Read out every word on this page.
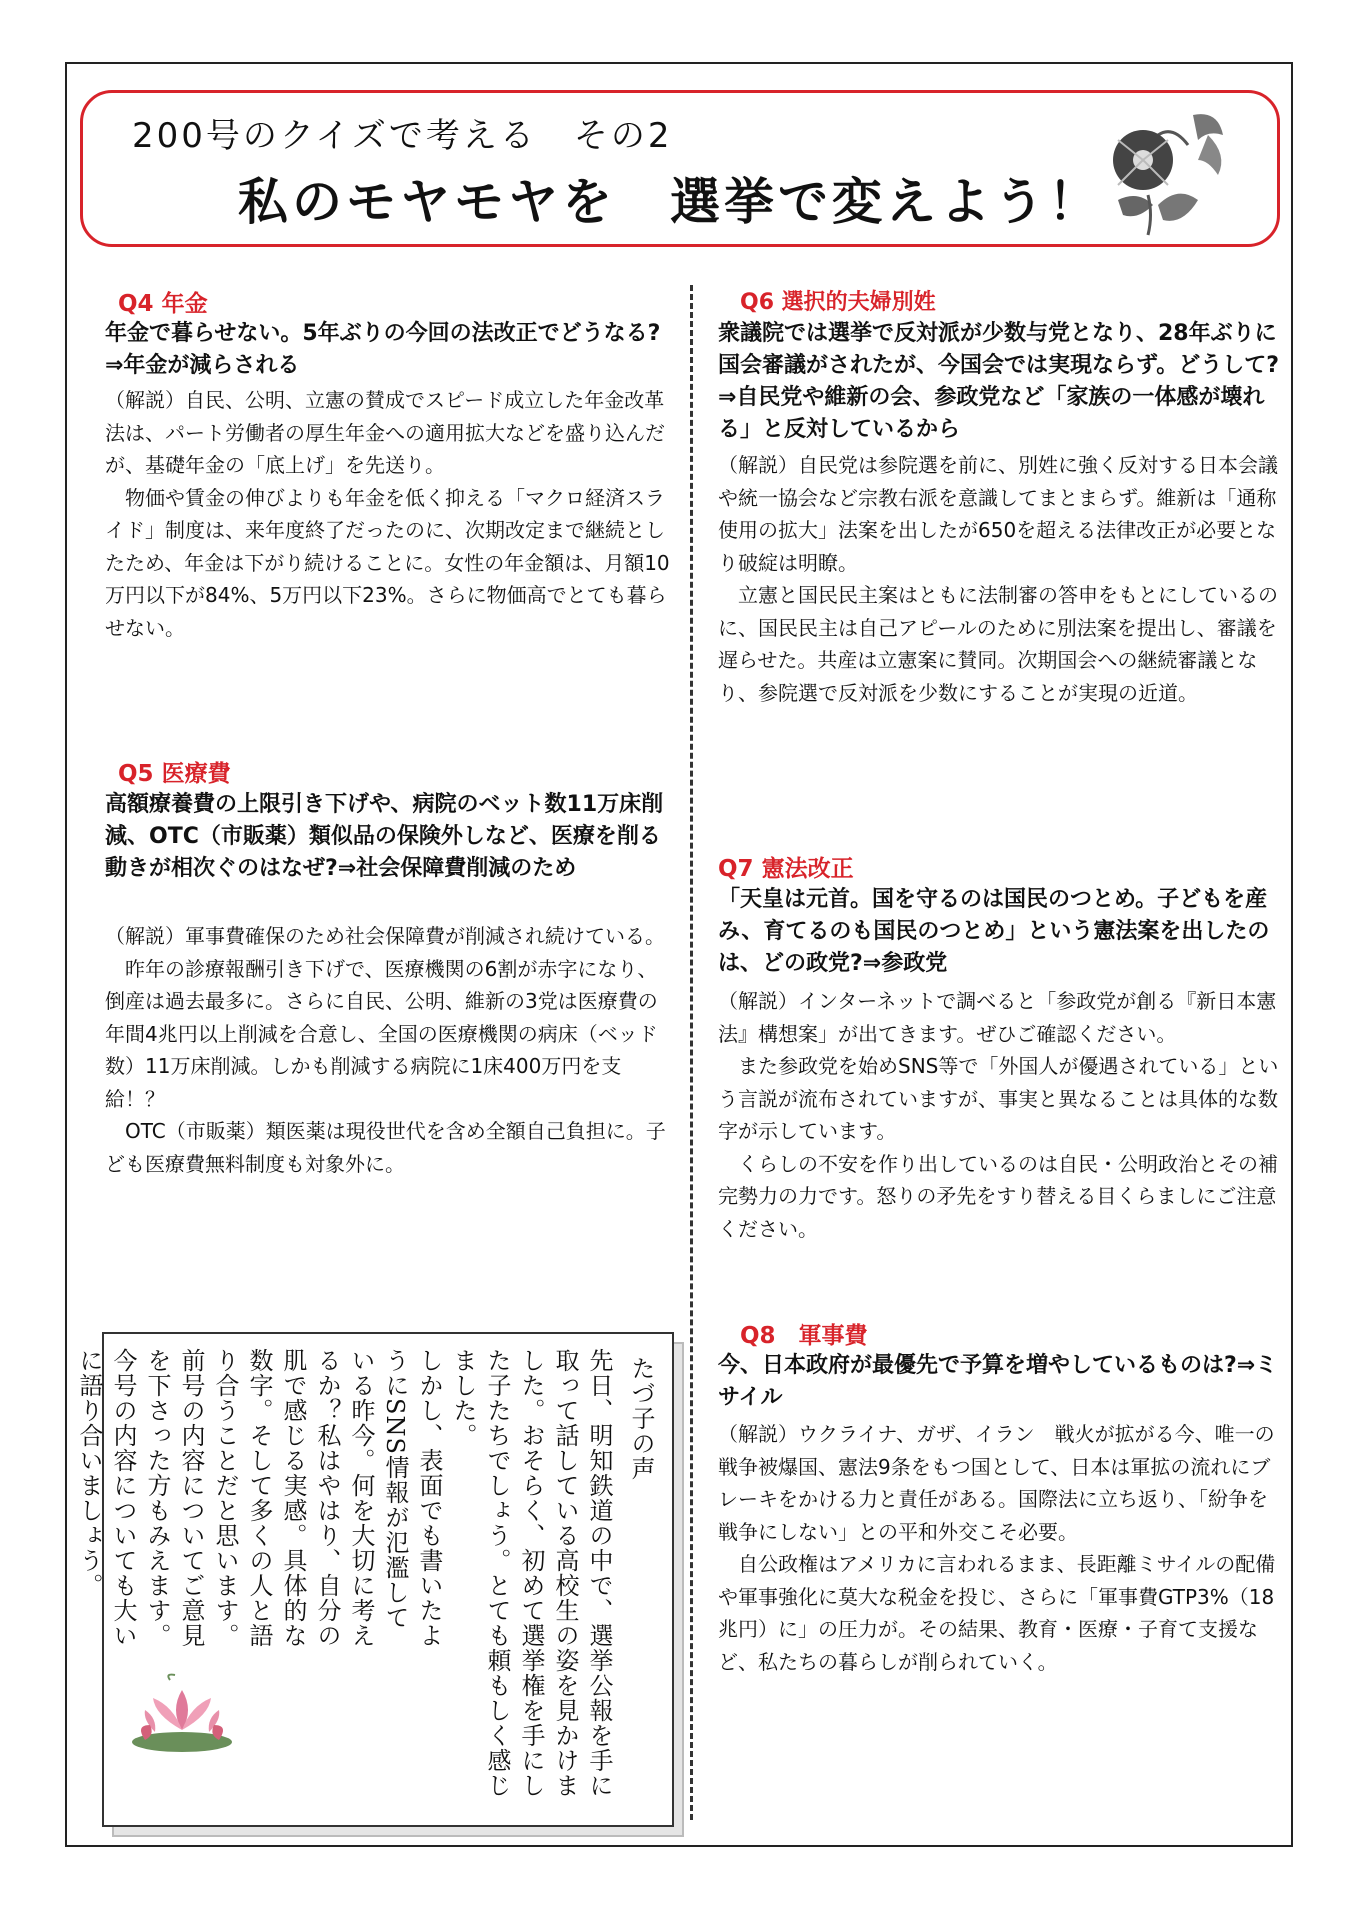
200号のクイズで考える　その2
私のモヤモヤを　選挙で変えよう！
Q4 年金
年金で暮らせない。5年ぶりの今回の法改正でどうなる?⇒年金が減らされる

（解説）自民、公明、立憲の賛成でスピード成立した年金改革法は、パート労働者の厚生年金への適用拡大などを盛り込んだが、基礎年金の「底上げ」を先送り。

物価や賃金の伸びよりも年金を低く抑える「マクロ経済スライド」制度は、来年度終了だったのに、次期改定まで継続としたため、年金は下がり続けることに。女性の年金額は、月額10万円以下が84%、5万円以下23%。さらに物価高でとても暮らせない。

Q5 医療費
高額療養費の上限引き下げや、病院のベット数11万床削減、OTC（市販薬）類似品の保険外しなど、医療を削る動きが相次ぐのはなぜ?⇒社会保障費削減のため

（解説）軍事費確保のため社会保障費が削減され続けている。

昨年の診療報酬引き下げで、医療機関の6割が赤字になり、倒産は過去最多に。さらに自民、公明、維新の3党は医療費の年間4兆円以上削減を合意し、全国の医療機関の病床（ベッド数）11万床削減。しかも削減する病院に1床400万円を支給！？

OTC（市販薬）類医薬は現役世代を含め全額自己負担に。子ども医療費無料制度も対象外に。

たづ子の声
先日、明知鉄道の中で、選挙公報を手に取って話している高校生の姿を見かけました。おそらく、初めて選挙権を手にした子たちでしょう。とても頼もしく感じました。
しかし、表面でも書いたようにSNS情報が氾濫している昨今。何を大切に考えるか？私はやはり、自分の肌で感じる実感。具体的な数字。そして多くの人と語り合うことだと思います。前号の内容についてご意見を下さった方もみえます。今号の内容についても大いに語り合いましょう。
Q6 選択的夫婦別姓
衆議院では選挙で反対派が少数与党となり、28年ぶりに国会審議がされたが、今国会では実現ならず。どうして?⇒自民党や維新の会、参政党など「家族の一体感が壊れる」と反対しているから

（解説）自民党は参院選を前に、別姓に強く反対する日本会議や統一協会など宗教右派を意識してまとまらず。維新は「通称使用の拡大」法案を出したが650を超える法律改正が必要となり破綻は明瞭。

立憲と国民民主案はともに法制審の答申をもとにしているのに、国民民主は自己アピールのために別法案を提出し、審議を遅らせた。共産は立憲案に賛同。次期国会への継続審議となり、参院選で反対派を少数にすることが実現の近道。

Q7 憲法改正
「天皇は元首。国を守るのは国民のつとめ。子どもを産み、育てるのも国民のつとめ」という憲法案を出したのは、どの政党?⇒参政党

（解説）インターネットで調べると「参政党が創る『新日本憲法』構想案」が出てきます。ぜひご確認ください。

また参政党を始めSNS等で「外国人が優遇されている」という言説が流布されていますが、事実と異なることは具体的な数字が示しています。

くらしの不安を作り出しているのは自民・公明政治とその補完勢力の力です。怒りの矛先をすり替える目くらましにご注意ください。

Q8　軍事費
今、日本政府が最優先で予算を増やしているものは?⇒ミサイル

（解説）ウクライナ、ガザ、イラン　戦火が拡がる今、唯一の戦争被爆国、憲法9条をもつ国として、日本は軍拡の流れにブレーキをかける力と責任がある。国際法に立ち返り、「紛争を戦争にしない」との平和外交こそ必要。

自公政権はアメリカに言われるまま、長距離ミサイルの配備や軍事強化に莫大な税金を投じ、さらに「軍事費GTP3%（18兆円）に」の圧力が。その結果、教育・医療・子育て支援など、私たちの暮らしが削られていく。
